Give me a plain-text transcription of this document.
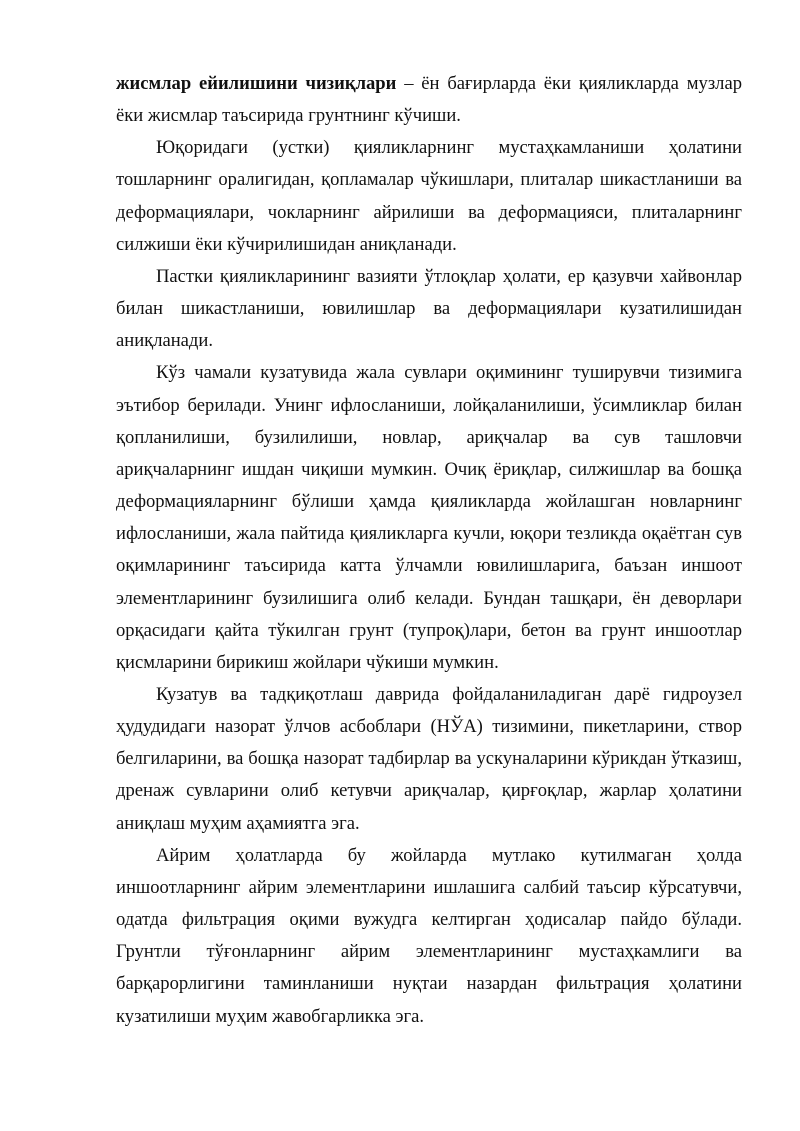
жисмлар ейилишини чизиқлари – ён бағирларда ёки қияликларда музлар ёки жисмлар таъсирида грунтнинг кўчиши.

Юқоридаги (устки) қияликларнинг мустаҳкамланиши ҳолатини тошларнинг оралигидан, қопламалар чўкишлари, плиталар шикастланиши ва деформациялари, чокларнинг айрилиши ва деформацияси, плиталарнинг силжиши ёки кўчирилишидан аниқланади.

Пастки қияликларининг вазияти ўтлоқлар ҳолати, ер қазувчи хайвонлар билан шикастланиши, ювилишлар ва деформациялари кузатилишидан аниқланади.

Кўз чамали кузатувида жала сувлари оқимининг туширувчи тизимига эътибор берилади. Унинг ифлосланиши, лойқаланилиши, ўсимликлар билан қопланилиши, бузилилиши, новлар, ариқчалар ва сув ташловчи ариқчаларнинг ишдан чиқиши мумкин. Очиқ ёриқлар, силжишлар ва бошқа деформацияларнинг бўлиши ҳамда қияликларда жойлашган новларнинг ифлосланиши, жала пайтида қияликларга кучли, юқори тезликда оқаётган сув оқимларининг таъсирида катта ўлчамли ювилишларига, баъзан иншоот элементларининг бузилишига олиб келади. Бундан ташқари, ён деворлари орқасидаги қайта тўкилган грунт (тупроқ)лари, бетон ва грунт иншоотлар қисмларини бирикиш жойлари чўкиши мумкин.

Кузатув ва тадқиқотлаш даврида фойдаланиладиган дарё гидроузел ҳудудидаги назорат ўлчов асбоблари (НЎА) тизимини, пикетларини, створ белгиларини, ва бошқа назорат тадбирлар ва ускуналарини кўрикдан ўтказиш, дренаж сувларини олиб кетувчи ариқчалар, қирғоқлар, жарлар ҳолатини аниқлаш муҳим аҳамиятга эга.

Айрим ҳолатларда бу жойларда мутлако кутилмаган ҳолда иншоотларнинг айрим элементларини ишлашига салбий таъсир кўрсатувчи, одатда фильтрация оқими вужудга келтирган ҳодисалар пайдо бўлади. Грунтли тўғонларнинг айрим элементларининг мустаҳкамлиги ва барқарорлигини таминланиши нуқтаи назардан фильтрация ҳолатини кузатилиши муҳим жавобгарликка эга.
